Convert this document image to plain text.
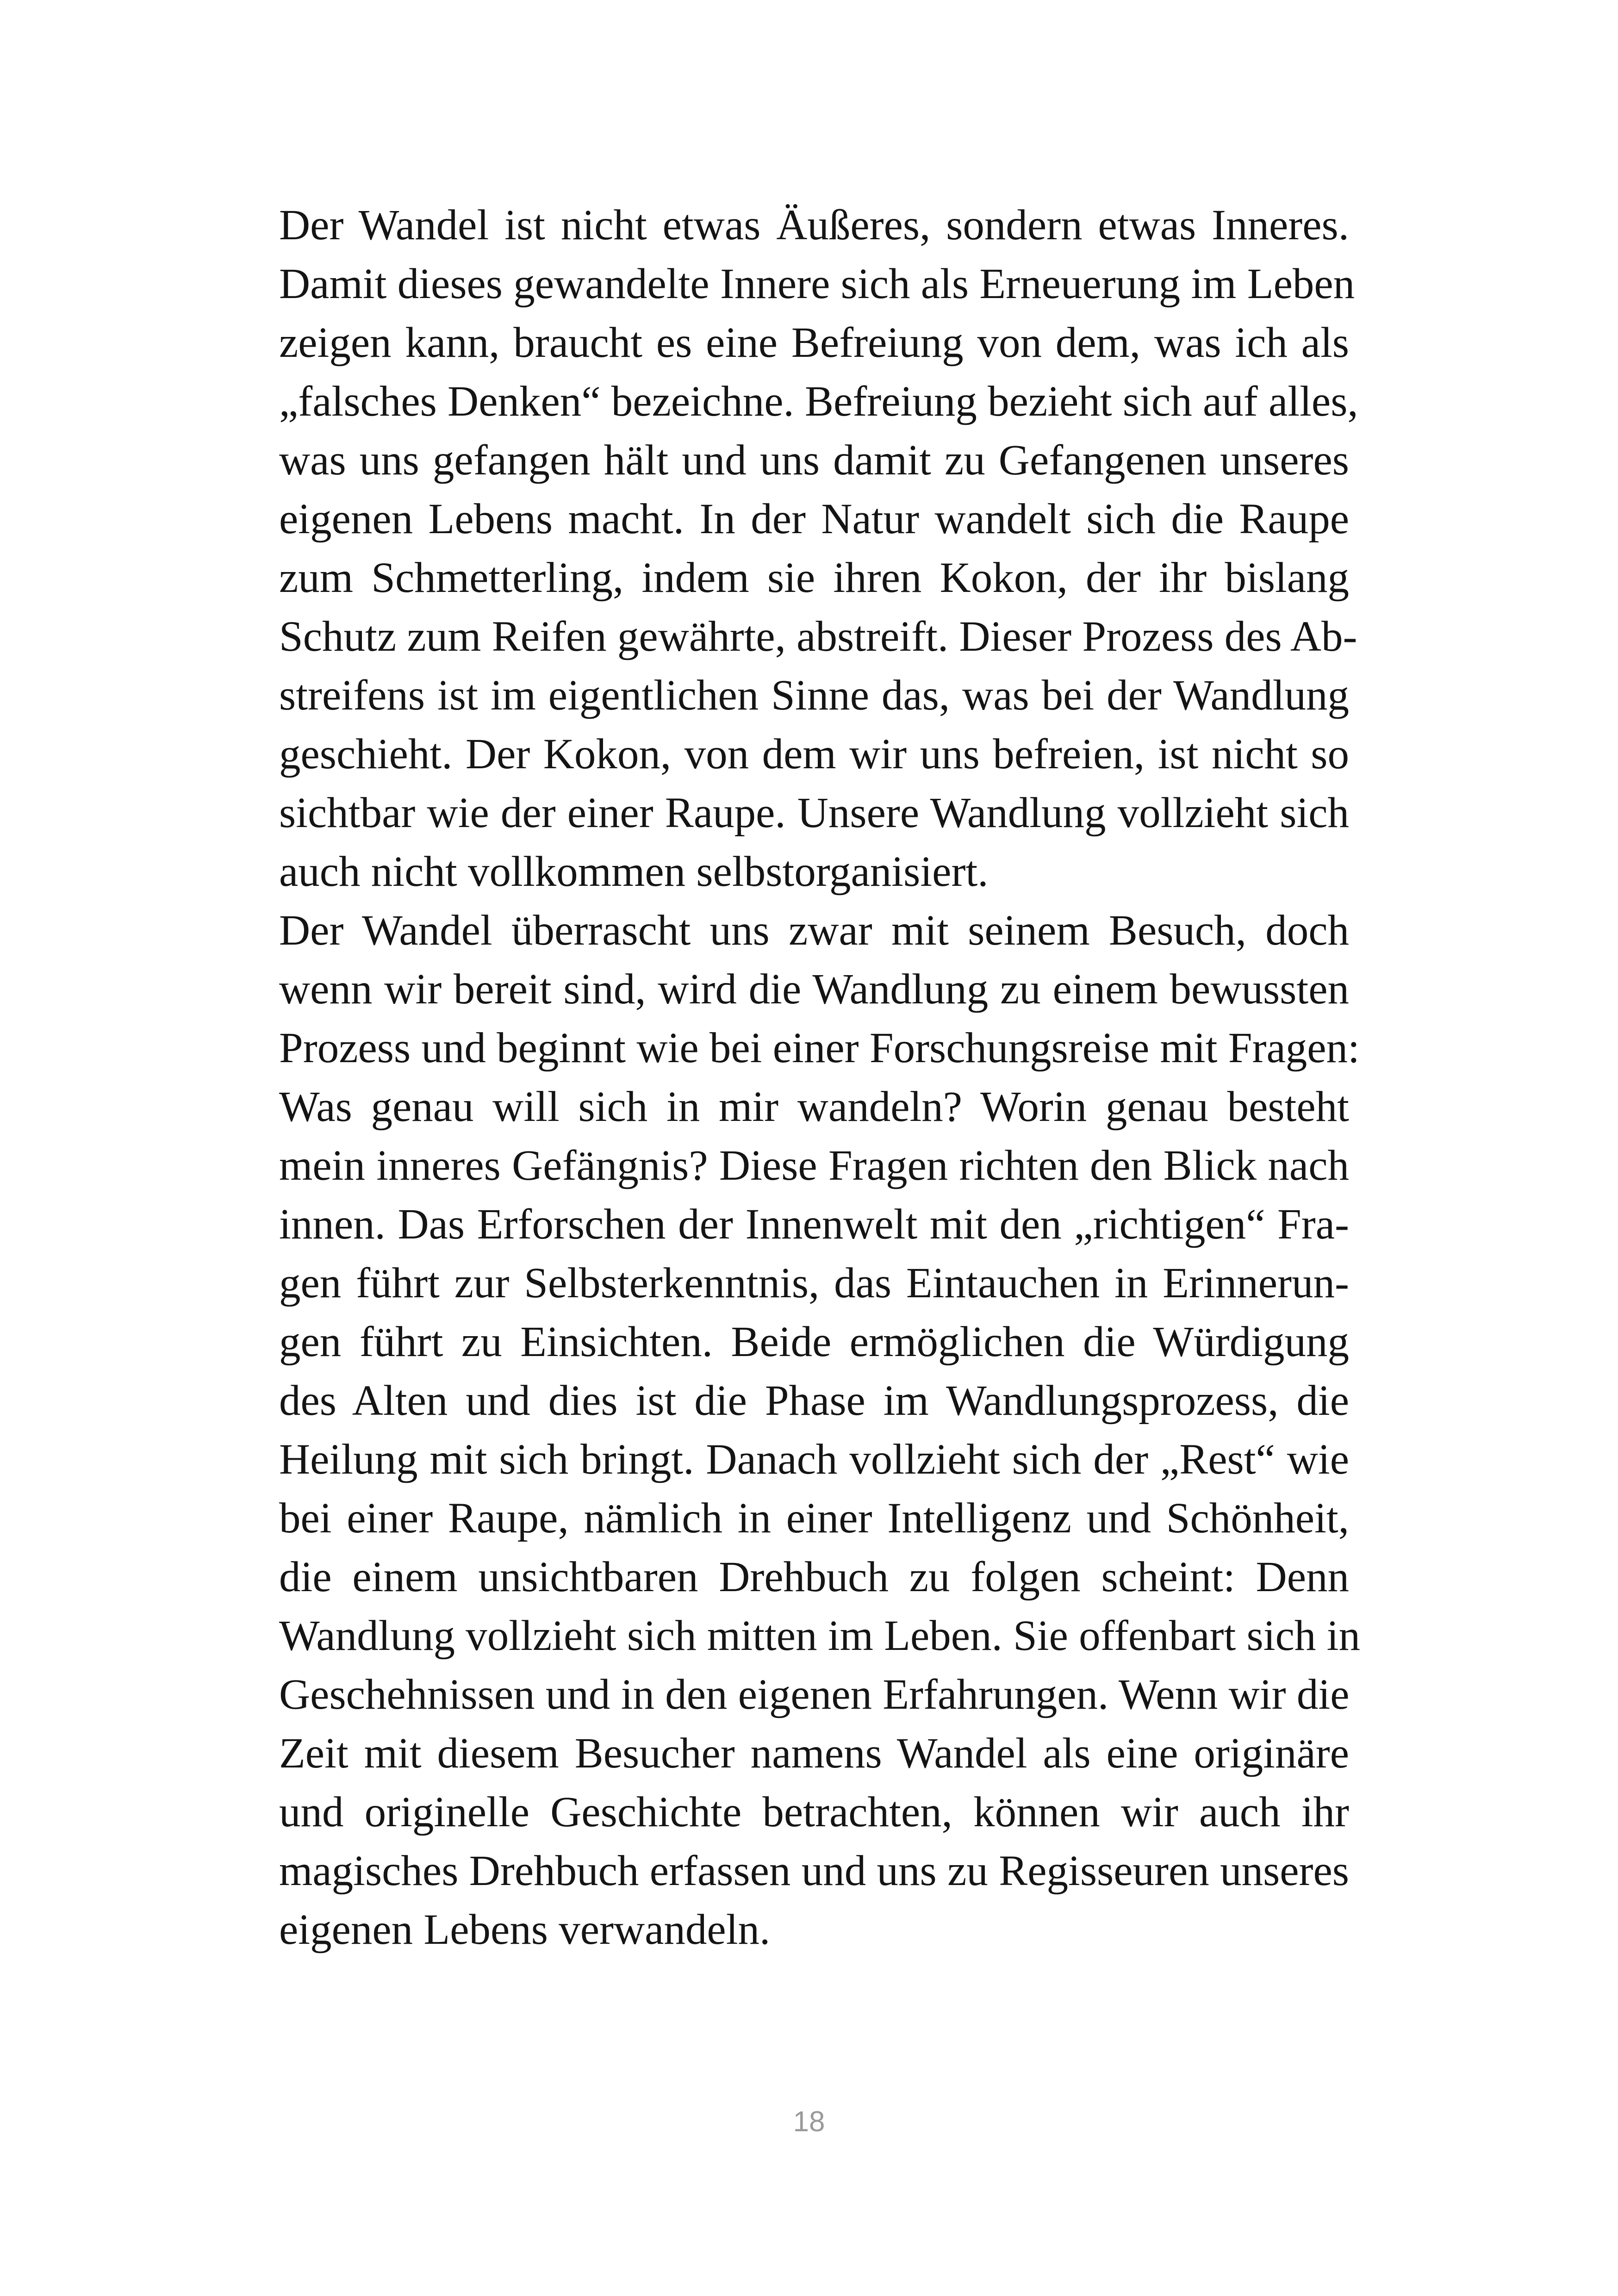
Der Wandel ist nicht etwas Äußeres, sondern etwas Inneres.
Damit dieses gewandelte Innere sich als Erneuerung im Leben
zeigen kann, braucht es eine Befreiung von dem, was ich als
„falsches Denken“ bezeichne. Befreiung bezieht sich auf alles,
was uns gefangen hält und uns damit zu Gefangenen unseres
eigenen Lebens macht. In der Natur wandelt sich die Raupe
zum Schmetterling, indem sie ihren Kokon, der ihr bislang
Schutz zum Reifen gewährte, abstreift. Dieser Prozess des Ab-
streifens ist im eigentlichen Sinne das, was bei der Wandlung
geschieht. Der Kokon, von dem wir uns befreien, ist nicht so
sichtbar wie der einer Raupe. Unsere Wandlung vollzieht sich
auch nicht vollkommen selbstorganisiert.

Der Wandel überrascht uns zwar mit seinem Besuch, doch
wenn wir bereit sind, wird die Wandlung zu einem bewussten
Prozess und beginnt wie bei einer Forschungsreise mit Fragen:
Was genau will sich in mir wandeln? Worin genau besteht
mein inneres Gefängnis? Diese Fragen richten den Blick nach
innen. Das Erforschen der Innenwelt mit den „richtigen“ Fra-
gen führt zur Selbsterkenntnis, das Eintauchen in Erinnerun-
gen führt zu Einsichten. Beide ermöglichen die Würdigung
des Alten und dies ist die Phase im Wandlungsprozess, die
Heilung mit sich bringt. Danach vollzieht sich der „Rest“ wie
bei einer Raupe, nämlich in einer Intelligenz und Schönheit,
die einem unsichtbaren Drehbuch zu folgen scheint: Denn
Wandlung vollzieht sich mitten im Leben. Sie offenbart sich in
Geschehnissen und in den eigenen Erfahrungen. Wenn wir die
Zeit mit diesem Besucher namens Wandel als eine originäre
und originelle Geschichte betrachten, können wir auch ihr
magisches Drehbuch erfassen und uns zu Regisseuren unseres
eigenen Lebens verwandeln.

18
